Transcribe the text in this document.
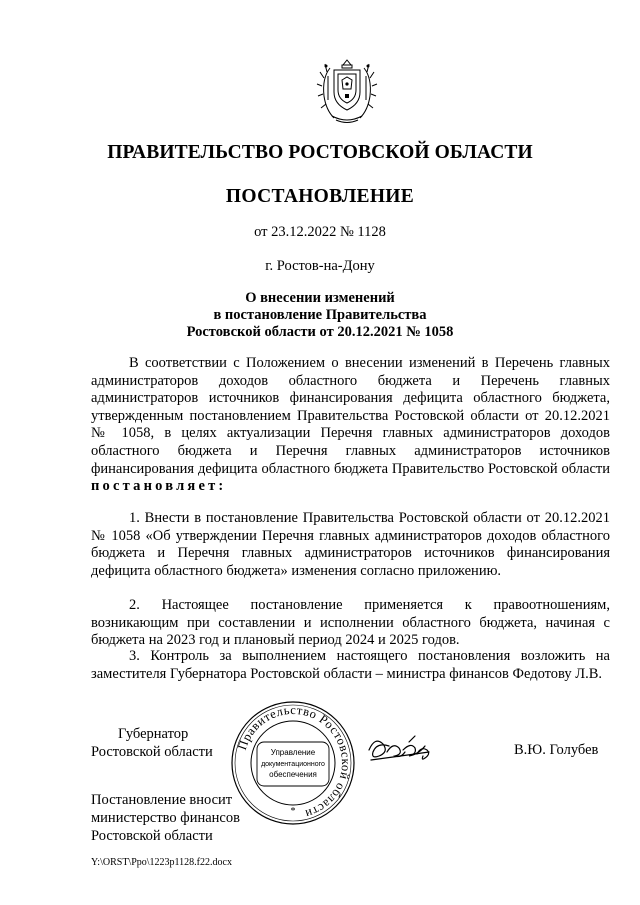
ПРАВИТЕЛЬСТВО РОСТОВСКОЙ ОБЛАСТИ
ПОСТАНОВЛЕНИЕ
от 23.12.2022 № 1128
г. Ростов-на-Дону
О внесении изменений
в постановление Правительства
Ростовской области от 20.12.2021 № 1058

В соответствии с Положением о внесении изменений в Перечень главных администраторов доходов областного бюджета и Перечень главных администраторов источников финансирования дефицита областного бюджета, утвержденным постановлением Правительства Ростовской области от 20.12.2021 № 1058, в целях актуализации Перечня главных администраторов доходов областного бюджета и Перечня главных администраторов источников финансирования дефицита областного бюджета Правительство Ростовской области постановляет:

1. Внести в постановление Правительства Ростовской области от 20.12.2021 № 1058 «Об утверждении Перечня главных администраторов доходов областного бюджета и Перечня главных администраторов источников финансирования дефицита областного бюджета» изменения согласно приложению.

2. Настоящее постановление применяется к правоотношениям, возникающим при составлении и исполнении областного бюджета, начиная с бюджета на 2023 год и плановый период 2024 и 2025 годов.

3. Контроль за выполнением настоящего постановления возложить на заместителя Губернатора Ростовской области – министра финансов Федотову Л.В.

Губернатор
Ростовской области Правительство Ростовской области
Управление
документационного
обеспечения
*
В.Ю. Голубев
Постановление вносит
министерство финансов
Ростовской области
Y:\ORST\Ppo\1223p1128.f22.docx
